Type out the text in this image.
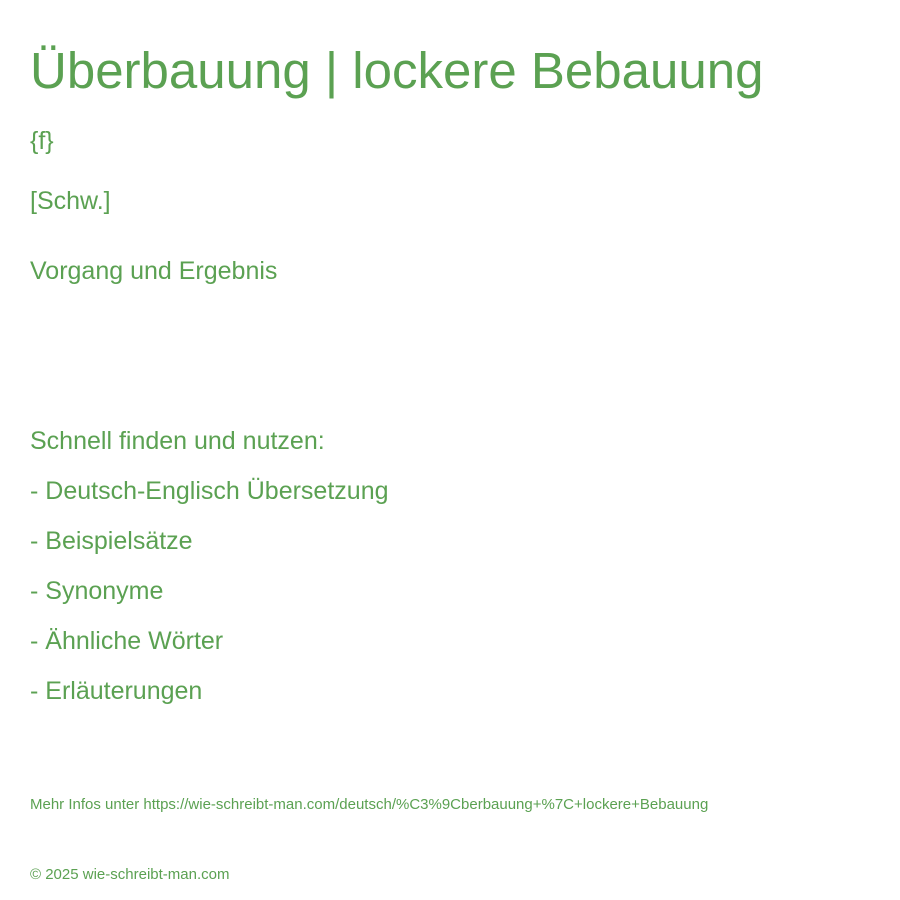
Überbauung | lockere Bebauung
{f}
[Schw.]
Vorgang und Ergebnis
Schnell finden und nutzen:
- Deutsch-Englisch Übersetzung
- Beispielsätze
- Synonyme
- Ähnliche Wörter
- Erläuterungen
Mehr Infos unter https://wie-schreibt-man.com/deutsch/%C3%9Cberbauung+%7C+lockere+Bebauung
© 2025 wie-schreibt-man.com
